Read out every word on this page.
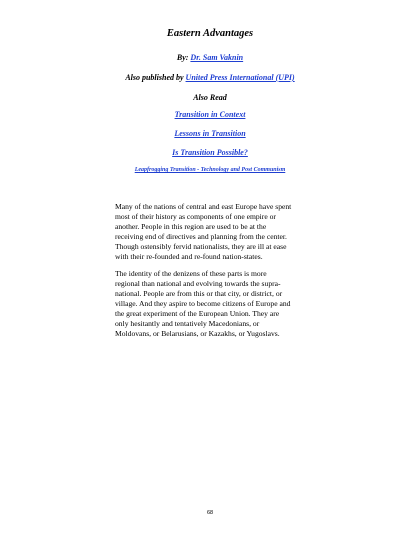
Eastern Advantages
By: Dr. Sam Vaknin
Also published by United Press International (UPI)
Also Read
Transition in Context
Lessons in Transition
Is Transition Possible?
Leapfrogging Transition - Technology and Post Communism
Many of the nations of central and east Europe have spent
most of their history as components of one empire or
another. People in this region are used to be at the
receiving end of directives and planning from the center.
Though ostensibly fervid nationalists, they are ill at ease
with their re-founded and re-found nation-states.
The identity of the denizens of these parts is more
regional than national and evolving towards the supra-
national. People are from this or that city, or district, or
village. And they aspire to become citizens of Europe and
the great experiment of the European Union. They are
only hesitantly and tentatively Macedonians, or
Moldovans, or Belarusians, or Kazakhs, or Yugoslavs.
68
